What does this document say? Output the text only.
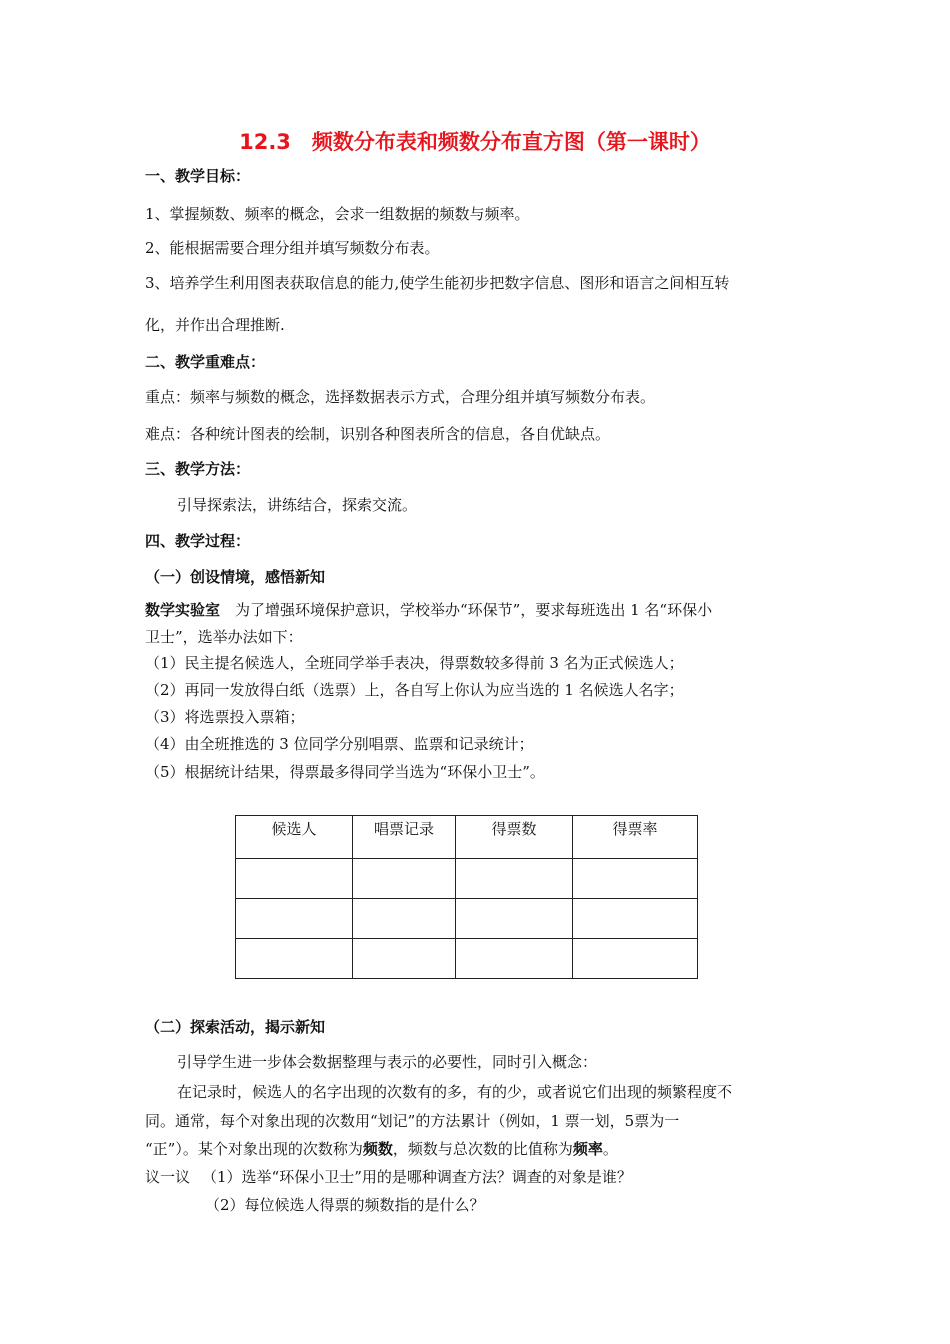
12.3　频数分布表和频数分布直方图（第一课时）
一、教学目标：
1、掌握频数、频率的概念，会求一组数据的频数与频率。
2、能根据需要合理分组并填写频数分布表。
3、培养学生利用图表获取信息的能力,使学生能初步把数字信息、图形和语言之间相互转
化，并作出合理推断.
二、教学重难点：
重点：频率与频数的概念，选择数据表示方式，合理分组并填写频数分布表。
难点：各种统计图表的绘制，识别各种图表所含的信息，各自优缺点。
三、教学方法：
引导探索法，讲练结合，探索交流。
四、教学过程：
（一）创设情境，感悟新知
数学实验室 为了增强环境保护意识，学校举办“环保节”，要求每班选出 1 名“环保小
卫士”，选举办法如下：
（1）民主提名候选人，全班同学举手表决，得票数较多得前 3 名为正式候选人；
（2）再同一发放得白纸（选票）上，各自写上你认为应当选的 1 名候选人名字；
（3）将选票投入票箱；
（4）由全班推选的 3 位同学分别唱票、监票和记录统计；
（5）根据统计结果，得票最多得同学当选为“环保小卫士”。
候选人	唱票记录	得票数	得票率

（二）探索活动，揭示新知
引导学生进一步体会数据整理与表示的必要性，同时引入概念：
在记录时，候选人的名字出现的次数有的多，有的少，或者说它们出现的频繁程度不
同。通常，每个对象出现的次数用“划记”的方法累计（例如，1 票一划，5票为一
“正”）。某个对象出现的次数称为频数，频数与总次数的比值称为频率。
议一议 （1）选举“环保小卫士”用的是哪种调查方法？调查的对象是谁？
（2）每位候选人得票的频数指的是什么？
